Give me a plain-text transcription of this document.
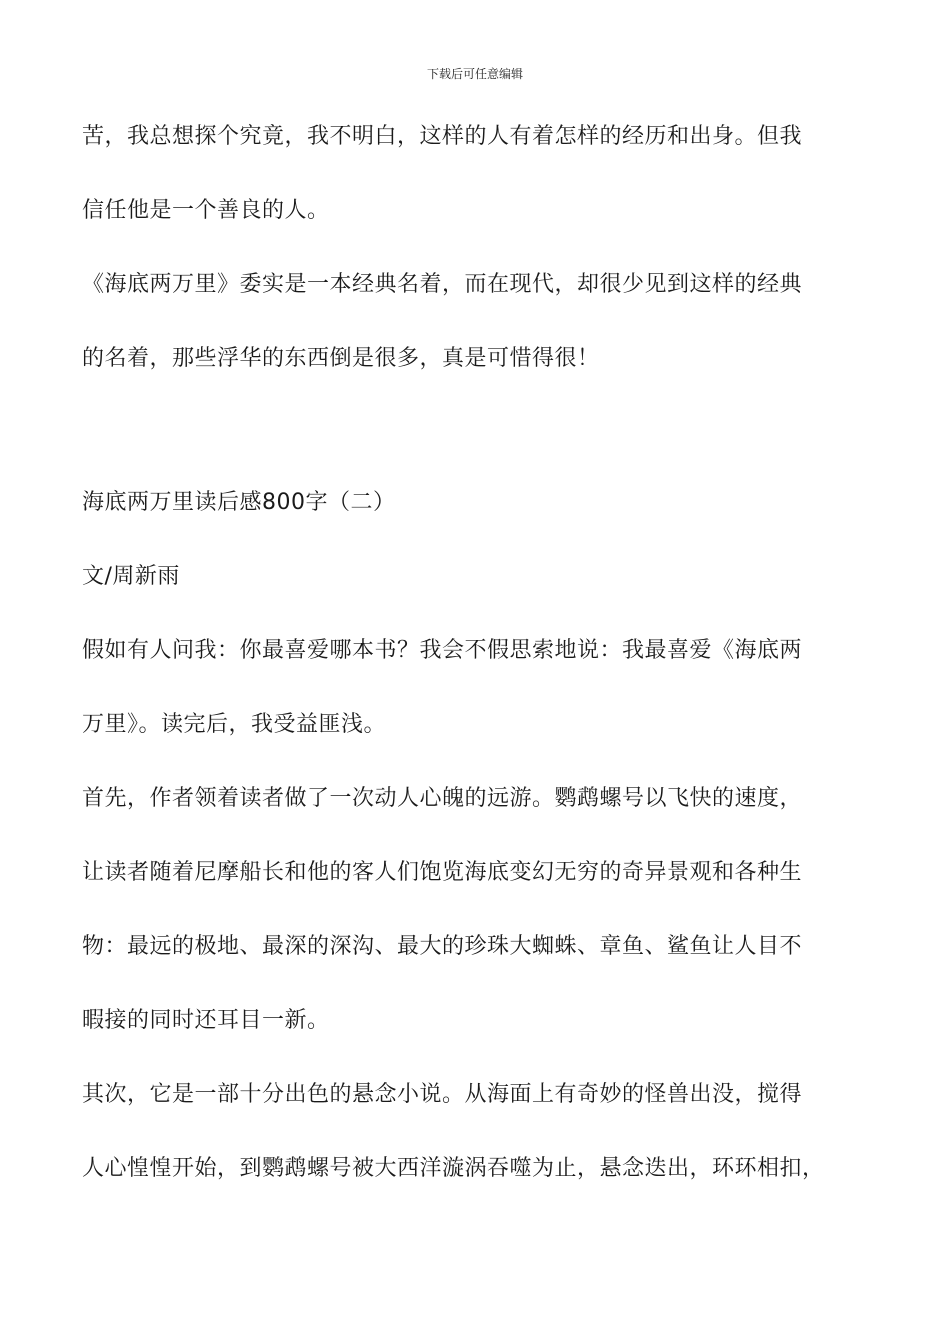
下载后可任意编辑
苦，我总想探个究竟，我不明白，这样的人有着怎样的经历和出身。但我
信任他是一个善良的人。
《海底两万里》委实是一本经典名着，而在现代，却很少见到这样的经典
的名着，那些浮华的东西倒是很多，真是可惜得很！
海底两万里读后感800字（二）
文/周新雨
假如有人问我：你最喜爱哪本书？我会不假思索地说：我最喜爱《海底两
万里》。读完后，我受益匪浅。
首先，作者领着读者做了一次动人心魄的远游。鹦鹉螺号以飞快的速度，
让读者随着尼摩船长和他的客人们饱览海底变幻无穷的奇异景观和各种生
物：最远的极地、最深的深沟、最大的珍珠大蜘蛛、章鱼、鲨鱼让人目不
暇接的同时还耳目一新。
其次，它是一部十分出色的悬念小说。从海面上有奇妙的怪兽出没，搅得
人心惶惶开始，到鹦鹉螺号被大西洋漩涡吞噬为止，悬念迭出，环环相扣，
